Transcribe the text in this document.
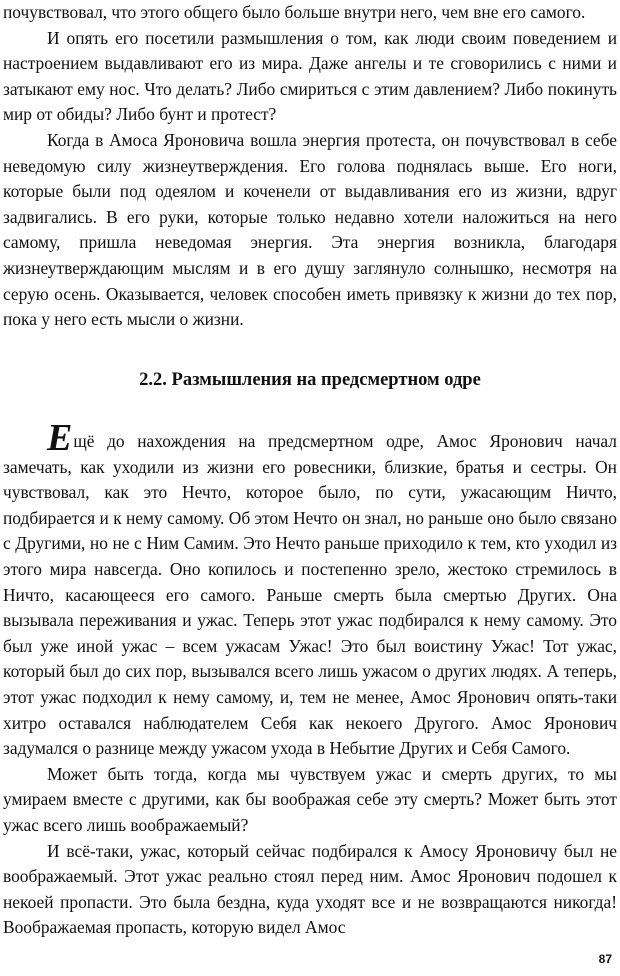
почувствовал, что этого общего было больше внутри него, чем вне его самого.

И опять его посетили размышления о том, как люди своим поведением и настроением выдавливают его из мира. Даже ангелы и те сговорились с ними и затыкают ему нос. Что делать? Либо смириться с этим давлением? Либо покинуть мир от обиды? Либо бунт и протест?

Когда в Амоса Яроновича вошла энергия протеста, он почувствовал в себе неведомую силу жизнеутверждения. Его голова поднялась выше. Его ноги, которые были под одеялом и коченели от выдавливания его из жизни, вдруг задвигались. В его руки, которые только недавно хотели наложиться на него самому, пришла неведомая энергия. Эта энергия возникла, благодаря жизнеутверждающим мыслям и в его душу заглянуло солнышко, несмотря на серую осень. Оказывается, человек способен иметь привязку к жизни до тех пор, пока у него есть мысли о жизни.

2.2. Размышления на предсмертном одре

Ещё до нахождения на предсмертном одре, Амос Яронович начал замечать, как уходили из жизни его ровесники, близкие, братья и сестры. Он чувствовал, как это Нечто, которое было, по сути, ужасающим Ничто, подбирается и к нему самому. Об этом Нечто он знал, но раньше оно было связано с Другими, но не с Ним Самим. Это Нечто раньше приходило к тем, кто уходил из этого мира навсегда. Оно копилось и постепенно зрело, жестоко стремилось в Ничто, касающееся его самого. Раньше смерть была смертью Других. Она вызывала переживания и ужас. Теперь этот ужас подбирался к нему самому. Это был уже иной ужас – всем ужасам Ужас! Это был воистину Ужас! Тот ужас, который был до сих пор, вызывался всего лишь ужасом о других людях. А теперь, этот ужас подходил к нему самому, и, тем не менее, Амос Яронович опять-таки хитро оставался наблюдателем Себя как некоего Другого. Амос Яронович задумался о разнице между ужасом ухода в Небытие Других и Себя Самого.

Может быть тогда, когда мы чувствуем ужас и смерть других, то мы умираем вместе с другими, как бы воображая себе эту смерть? Может быть этот ужас всего лишь воображаемый?

И всё-таки, ужас, который сейчас подбирался к Амосу Яроновичу был не воображаемый. Этот ужас реально стоял перед ним. Амос Яронович подошел к некоей пропасти. Это была бездна, куда уходят все и не возвращаются никогда! Воображаемая пропасть, которую видел Амос

87
